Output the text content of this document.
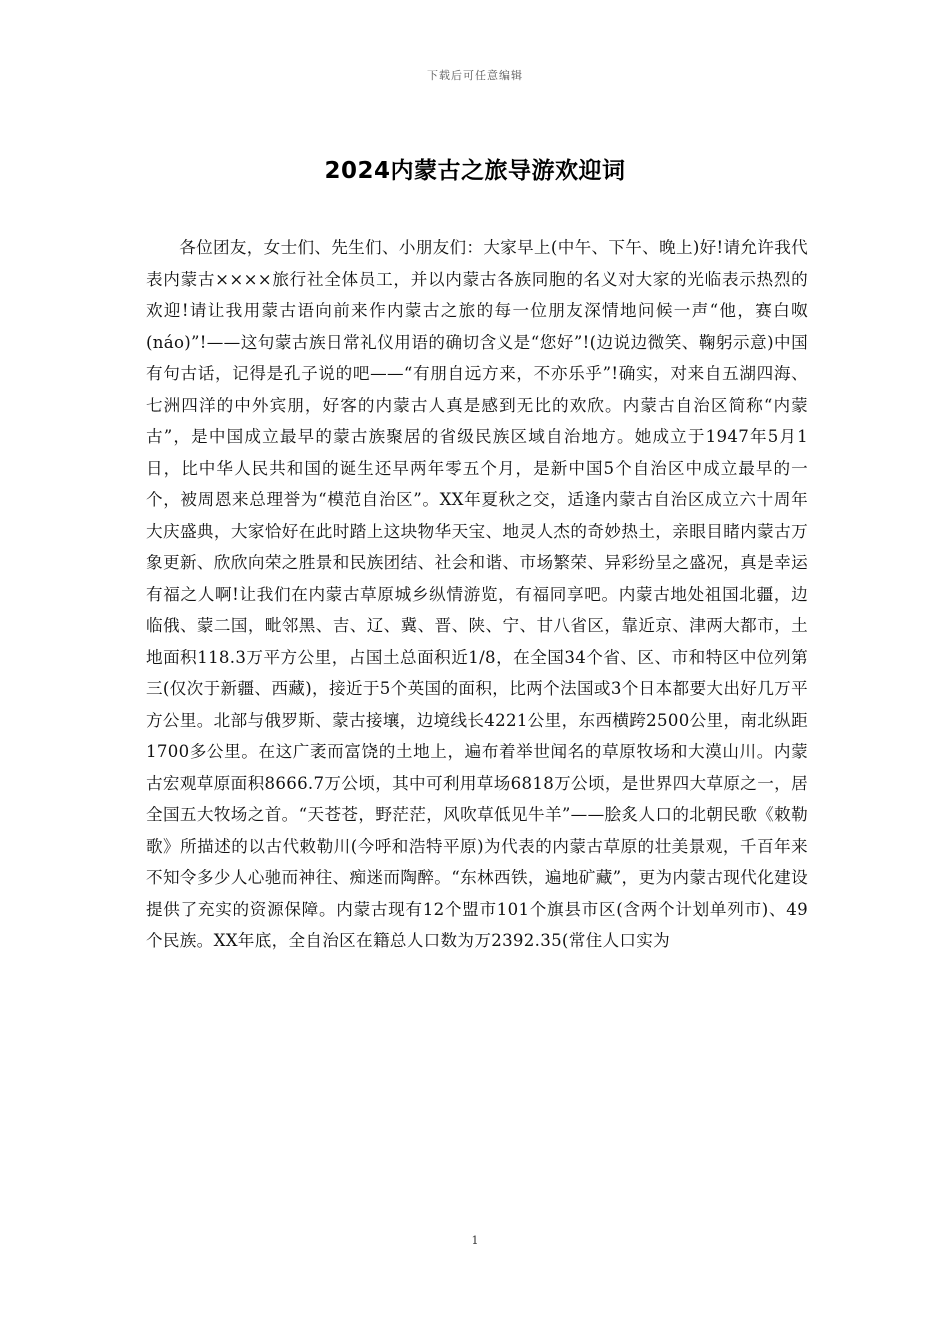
下载后可任意编辑
2024内蒙古之旅导游欢迎词

各位团友，女士们、先生们、小朋友们：大家早上(中午、下午、晚上)好!请允许我代表内蒙古××××旅行社全体员工，并以内蒙古各族同胞的名义对大家的光临表示热烈的欢迎!请让我用蒙古语向前来作内蒙古之旅的每一位朋友深情地问候一声“他，赛白呶(náo)”!——这句蒙古族日常礼仪用语的确切含义是“您好”!(边说边微笑、鞠躬示意)中国有句古话，记得是孔子说的吧——“有朋自远方来，不亦乐乎”!确实，对来自五湖四海、七洲四洋的中外宾朋，好客的内蒙古人真是感到无比的欢欣。内蒙古自治区简称“内蒙古”，是中国成立最早的蒙古族聚居的省级民族区域自治地方。她成立于1947年5月1日，比中华人民共和国的诞生还早两年零五个月，是新中国5个自治区中成立最早的一个，被周恩来总理誉为“模范自治区”。XX年夏秋之交，适逢内蒙古自治区成立六十周年大庆盛典，大家恰好在此时踏上这块物华天宝、地灵人杰的奇妙热土，亲眼目睹内蒙古万象更新、欣欣向荣之胜景和民族团结、社会和谐、市场繁荣、异彩纷呈之盛况，真是幸运有福之人啊!让我们在内蒙古草原城乡纵情游览，有福同享吧。内蒙古地处祖国北疆，边临俄、蒙二国，毗邻黑、吉、辽、冀、晋、陕、宁、甘八省区，靠近京、津两大都市，土地面积118.3万平方公里，占国土总面积近1/8，在全国34个省、区、市和特区中位列第三(仅次于新疆、西藏)，接近于5个英国的面积，比两个法国或3个日本都要大出好几万平方公里。北部与俄罗斯、蒙古接壤，边境线长4221公里，东西横跨2500公里，南北纵距1700多公里。在这广袤而富饶的土地上，遍布着举世闻名的草原牧场和大漠山川。内蒙古宏观草原面积8666.7万公顷，其中可利用草场6818万公顷，是世界四大草原之一，居全国五大牧场之首。“天苍苍，野茫茫，风吹草低见牛羊”——脍炙人口的北朝民歌《敕勒歌》所描述的以古代敕勒川(今呼和浩特平原)为代表的内蒙古草原的壮美景观，千百年来不知令多少人心驰而神往、痴迷而陶醉。“东林西铁，遍地矿藏”，更为内蒙古现代化建设提供了充实的资源保障。内蒙古现有12个盟市101个旗县市区(含两个计划单列市)、49个民族。XX年底，全自治区在籍总人口数为万2392.35(常住人口实为

1
